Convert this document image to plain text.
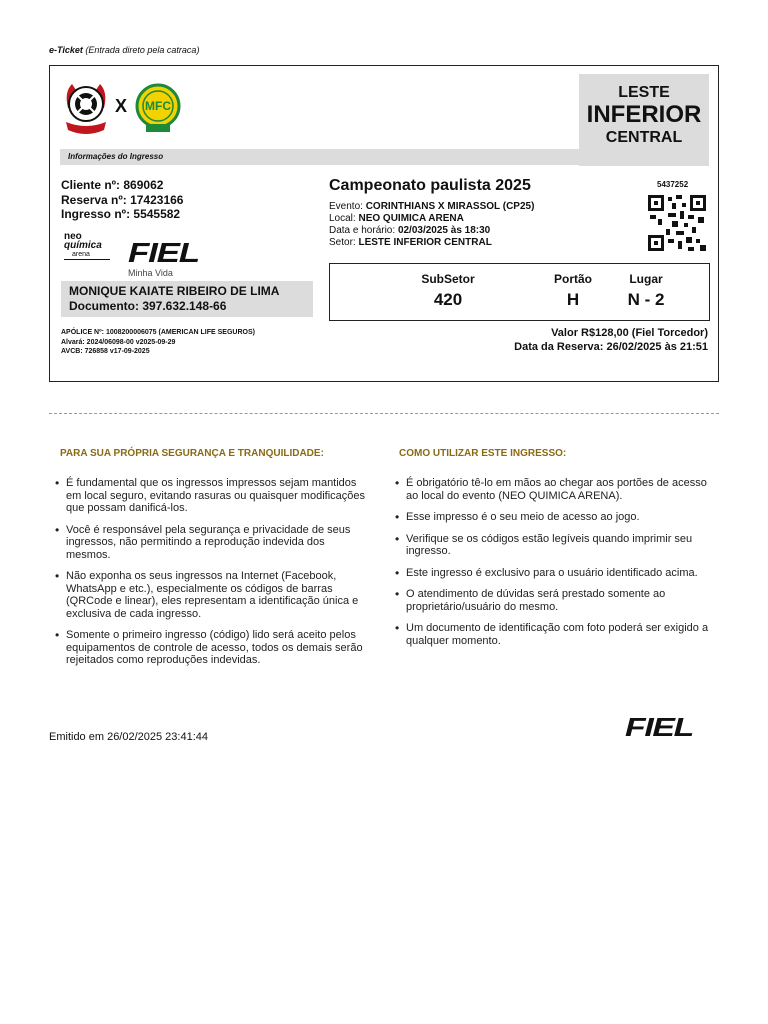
e-Ticket (Entrada direto pela catraca)
X MFC
LESTE
INFERIOR
CENTRAL
Informações do Ingresso
Cliente nº: 869062
Reserva nº: 17423166
Ingresso nº: 5545582
neo
química
arena	FIEL
Minha Vida
MONIQUE KAIATE RIBEIRO DE LIMA
Documento: 397.632.148-66
APÓLICE Nº: 1008200006075 (AMERICAN LIFE SEGUROS)
Alvará: 2024/06098-00 v2025-09-29
AVCB: 726858 v17-09-2025
Campeonato paulista 2025
Evento: CORINTHIANS X MIRASSOL (CP25)
Local: NEO QUIMICA ARENA
Data e horário: 02/03/2025 às 18:30
Setor: LESTE INFERIOR CENTRAL
5437252
SubSetor
420
Portão
H
Lugar
N - 2
Valor R$128,00 (Fiel Torcedor)
Data da Reserva: 26/02/2025 às 21:51
PARA SUA PRÓPRIA SEGURANÇA E TRANQUILIDADE:
• É fundamental que os ingressos impressos sejam mantidos em local seguro, evitando rasuras ou quaisquer modificações que possam danificá-los.
• Você é responsável pela segurança e privacidade de seus ingressos, não permitindo a reprodução indevida dos mesmos.
• Não exponha os seus ingressos na Internet (Facebook, WhatsApp e etc.), especialmente os códigos de barras (QRCode e linear), eles representam a identificação única e exclusiva de cada ingresso.
• Somente o primeiro ingresso (código) lido será aceito pelos equipamentos de controle de acesso, todos os demais serão rejeitados como reproduções indevidas.
COMO UTILIZAR ESTE INGRESSO:
• É obrigatório tê-lo em mãos ao chegar aos portões de acesso ao local do evento (NEO QUIMICA ARENA).
• Esse impresso é o seu meio de acesso ao jogo.
• Verifique se os códigos estão legíveis quando imprimir seu ingresso.
• Este ingresso é exclusivo para o usuário identificado acima.
• O atendimento de dúvidas será prestado somente ao proprietário/usuário do mesmo.
• Um documento de identificação com foto poderá ser exigido a qualquer momento.
Emitido em 26/02/2025 23:41:44	FIEL
